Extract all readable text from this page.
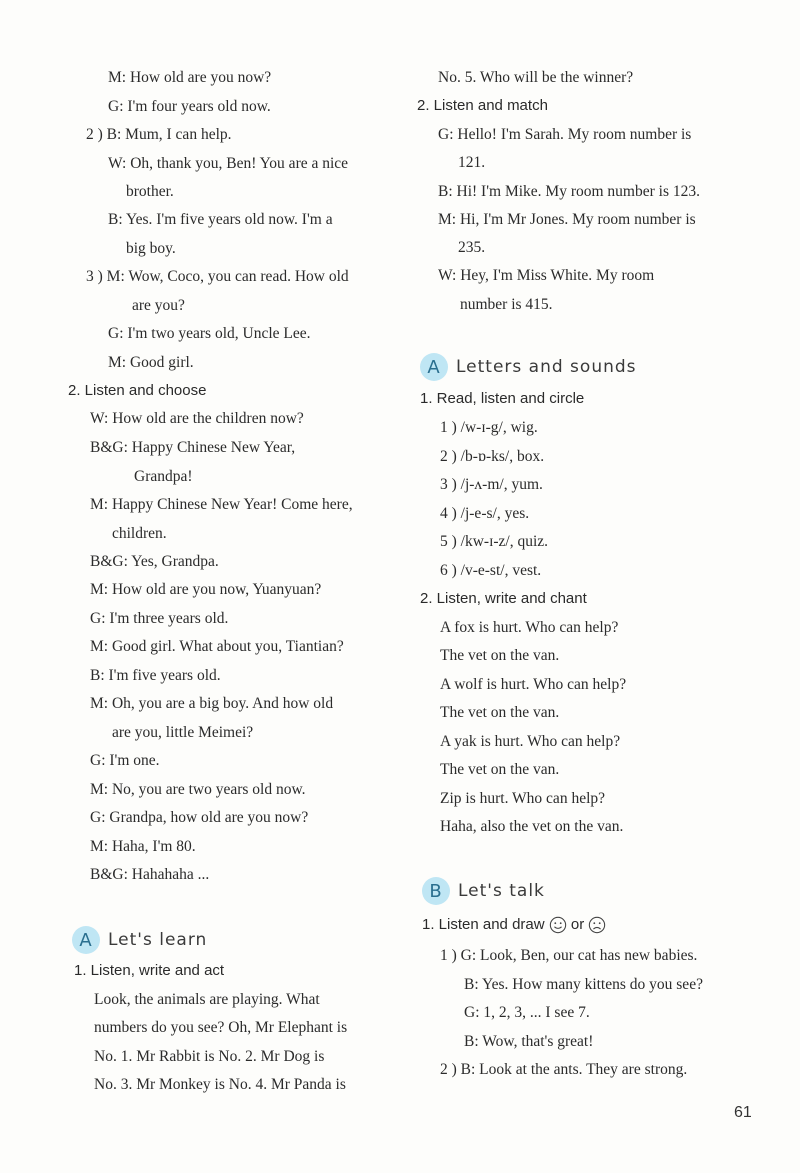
M: How old are you now?
G: I'm four years old now.
2 ) B: Mum, I can help.
W: Oh, thank you, Ben! You are a nice
brother.
B: Yes. I'm five years old now. I'm a
big boy.
3 ) M: Wow, Coco, you can read. How old
are you?
G: I'm two years old, Uncle Lee.
M: Good girl.
2. Listen and choose
W: How old are the children now?
B&G: Happy Chinese New Year,
Grandpa!
M: Happy Chinese New Year! Come here,
children.
B&G: Yes, Grandpa.
M: How old are you now, Yuanyuan?
G: I'm three years old.
M: Good girl. What about you, Tiantian?
B: I'm five years old.
M: Oh, you are a big boy. And how old
are you, little Meimei?
G: I'm one.
M: No, you are two years old now.
G: Grandpa, how old are you now?
M: Haha, I'm 80.
B&G: Hahahaha ...
A Let's learn
1. Listen, write and act
Look, the animals are playing. What
numbers do you see? Oh, Mr Elephant is
No. 1. Mr Rabbit is No. 2. Mr Dog is
No. 3. Mr Monkey is No. 4. Mr Panda is
No. 5. Who will be the winner?
2. Listen and match
G: Hello! I'm Sarah. My room number is
121.
B: Hi! I'm Mike. My room number is 123.
M: Hi, I'm Mr Jones. My room number is
235.
W: Hey, I'm Miss White. My room
number is 415.
A Letters and sounds
1. Read, listen and circle
1 ) /w-ɪ-g/, wig.
2 ) /b-ɒ-ks/, box.
3 ) /j-ʌ-m/, yum.
4 ) /j-e-s/, yes.
5 ) /kw-ɪ-z/, quiz.
6 ) /v-e-st/, vest.
2. Listen, write and chant
A fox is hurt. Who can help?
The vet on the van.
A wolf is hurt. Who can help?
The vet on the van.
A yak is hurt. Who can help?
The vet on the van.
Zip is hurt. Who can help?
Haha, also the vet on the van.
B Let's talk
1. Listen and draw or
1 ) G: Look, Ben, our cat has new babies.
B: Yes. How many kittens do you see?
G: 1, 2, 3, ... I see 7.
B: Wow, that's great!
2 ) B: Look at the ants. They are strong.
61
